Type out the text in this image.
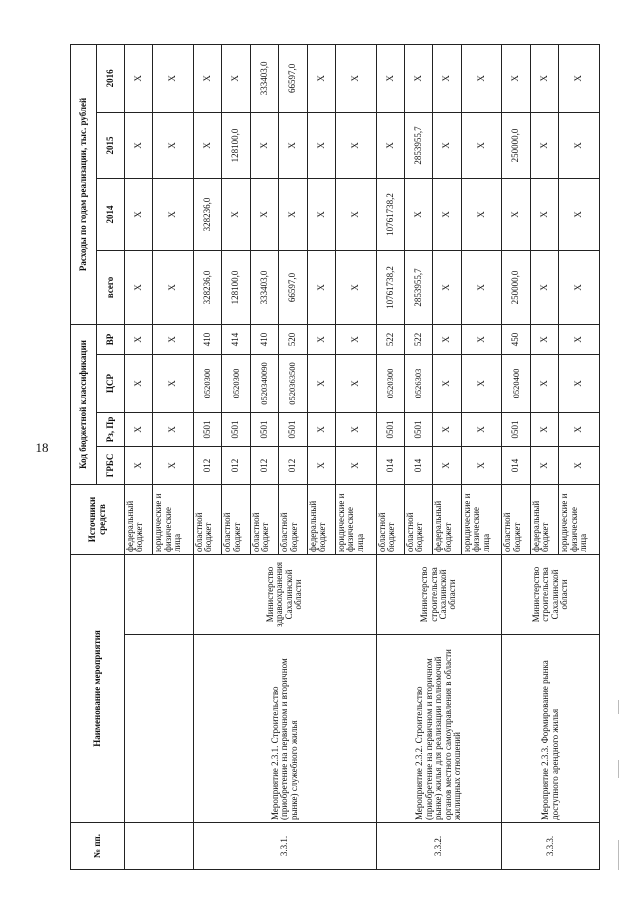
18
№ пп.	Наименование мероприятия		Источники средств	Код бюджетной классификации				Расходы по годам реализации, тыс. рублей			
				ГРБС	Рз, Пр	ЦСР	ВР	всего	2014	2015	2016
			федеральный бюджет	Х	Х	Х	Х	Х	Х	Х	Х
			юридические и физические лица	Х	Х	Х	Х	Х	Х	Х	Х
3.3.1.	Мероприятие 2.3.1. Строительство (приобретение на первичном и вторичном рынке) служебного жилья	Министерство здравоохранения Сахалинской области	областной бюджет	012	0501	0520300	410	328236,0	328236,0	Х	Х
			областной бюджет	012	0501	0520300	414	128100,0	Х	128100,0	Х
			областной бюджет	012	0501	0520340090	410	333403,0	Х	Х	333403,0
			областной бюджет	012	0501	0520363500	520	66597,0	Х	Х	66597,0
			федеральный бюджет	Х	Х	Х	Х	Х	Х	Х	Х
			юридические и физические лица	Х	Х	Х	Х	Х	Х	Х	Х
3.3.2.	Мероприятие 2.3.2. Строительство (приобретение на первичном и вторичном рынке) жилья для реализации полномочий органов местного самоуправления в области жилищных отношений	Министерство строительства Сахалинской области	областной бюджет	014	0501	0520300	522	10761738,2	10761738,2	Х	Х
			областной бюджет	014	0501	0526303	522	2853955,7	Х	2853955,7	Х
			федеральный бюджет	Х	Х	Х	Х	Х	Х	Х	Х
			юридические и физические лица	Х	Х	Х	Х	Х	Х	Х	Х
3.3.3.	Мероприятие 2.3.3. Формирование рынка доступного арендного жилья	Министерство строительства Сахалинской области	областной бюджет	014	0501	0520400	450	250000,0	Х	250000,0	Х
			федеральный бюджет	Х	Х	Х	Х	Х	Х	Х	Х
			юридические и физические лица	Х	Х	Х	Х	Х	Х	Х	Х
